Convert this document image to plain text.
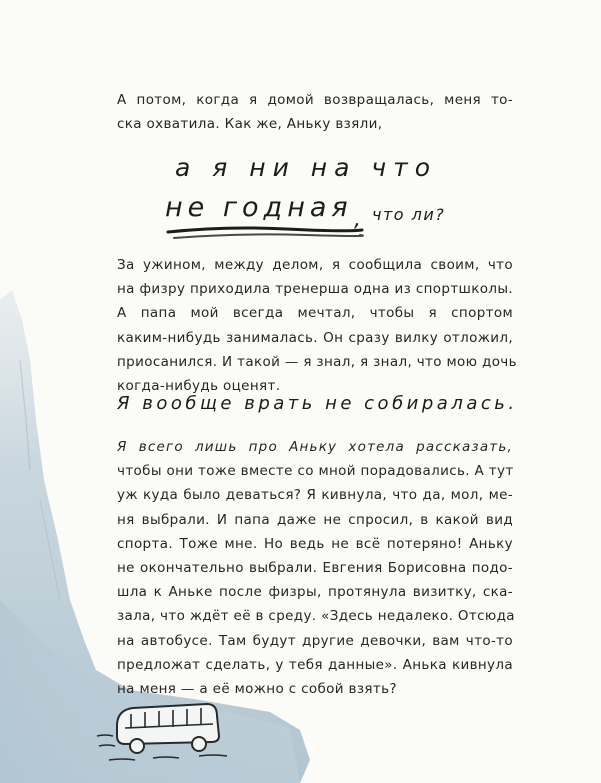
А потом, когда я домой возвращалась, меня то-
ска охватила. Как же, Аньку взяли,

а я ни на что

не годная , что ли?

За ужином, между делом, я сообщила своим, что
на физру приходила тренерша одна из спортшколы.
А папа мой всегда мечтал, чтобы я спортом
каким-нибудь занималась. Он сразу вилку отложил,
приосанился. И такой — я знал, я знал, что мою дочь
когда-нибудь оценят.

Я вообще врать не собиралась.

Я всего лишь про Аньку хотела рассказать,
чтобы они тоже вместе со мной порадовались. А тут
уж куда было деваться? Я кивнула, что да, мол, ме-
ня выбрали. И папа даже не спросил, в какой вид
спорта. Тоже мне. Но ведь не всё потеряно! Аньку
не окончательно выбрали. Евгения Борисовна подо-
шла к Аньке после физры, протянула визитку, ска-
зала, что ждёт её в среду. «Здесь недалеко. Отсюда
на автобусе. Там будут другие девочки, вам что-то
предложат сделать, у тебя данные». Анька кивнула
на меня — а её можно с собой взять?
